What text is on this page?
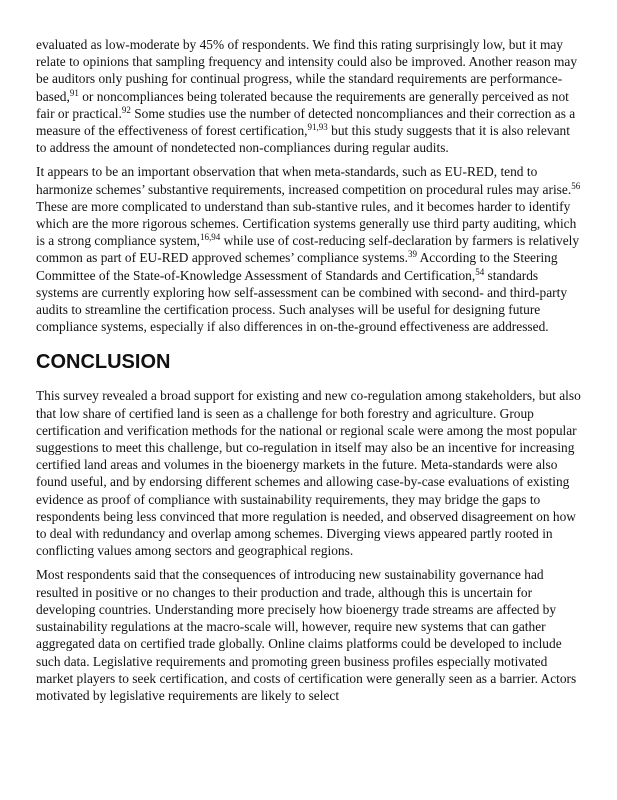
evaluated as low-moderate by 45% of respondents. We find this rating surprisingly low, but it may relate to opinions that sampling frequency and intensity could also be improved. Another reason may be auditors only pushing for continual progress, while the standard requirements are performance-based,$^{91}$ or noncompliances being tolerated because the requirements are generally perceived as not fair or practical.$^{92}$ Some studies use the number of detected noncompliances and their correction as a measure of the effectiveness of forest certification,$^{91,93}$ but this study suggests that it is also relevant to address the amount of nondetected non-compliances during regular audits.

It appears to be an important observation that when meta-standards, such as EU-RED, tend to harmonize schemes’ substantive requirements, increased competition on procedural rules may arise.$^{56}$ These are more complicated to understand than sub-stantive rules, and it becomes harder to identify which are the more rigorous schemes. Certification systems generally use third party auditing, which is a strong compliance system,$^{16,94}$ while use of cost-reducing self-declaration by farmers is relatively common as part of EU-RED approved schemes’ compliance systems.$^{39}$ According to the Steering Committee of the State-of-Knowledge Assessment of Standards and Certification,$^{54}$ standards systems are currently exploring how self-assessment can be combined with second- and third-party audits to streamline the certification process. Such analyses will be useful for designing future compliance systems, especially if also differences in on-the-ground effectiveness are addressed.

CONCLUSION

This survey revealed a broad support for existing and new co-regulation among stakeholders, but also that low share of certified land is seen as a challenge for both forestry and agriculture. Group certification and verification methods for the national or regional scale were among the most popular suggestions to meet this challenge, but co-regulation in itself may also be an incentive for increasing certified land areas and volumes in the bioenergy markets in the future. Meta-standards were also found useful, and by endorsing different schemes and allowing case-by-case evaluations of existing evidence as proof of compliance with sustainability requirements, they may bridge the gaps to respondents being less convinced that more regulation is needed, and observed disagreement on how to deal with redundancy and overlap among schemes. Diverging views appeared partly rooted in conflicting values among sectors and geographical regions.

Most respondents said that the consequences of introducing new sustainability governance had resulted in positive or no changes to their production and trade, although this is uncertain for developing countries. Understanding more precisely how bioenergy trade streams are affected by sustainability regulations at the macro-scale will, however, require new systems that can gather aggregated data on certified trade globally. Online claims platforms could be developed to include such data. Legislative requirements and promoting green business profiles especially motivated market players to seek certification, and costs of certification were generally seen as a barrier. Actors motivated by legislative requirements are likely to select
